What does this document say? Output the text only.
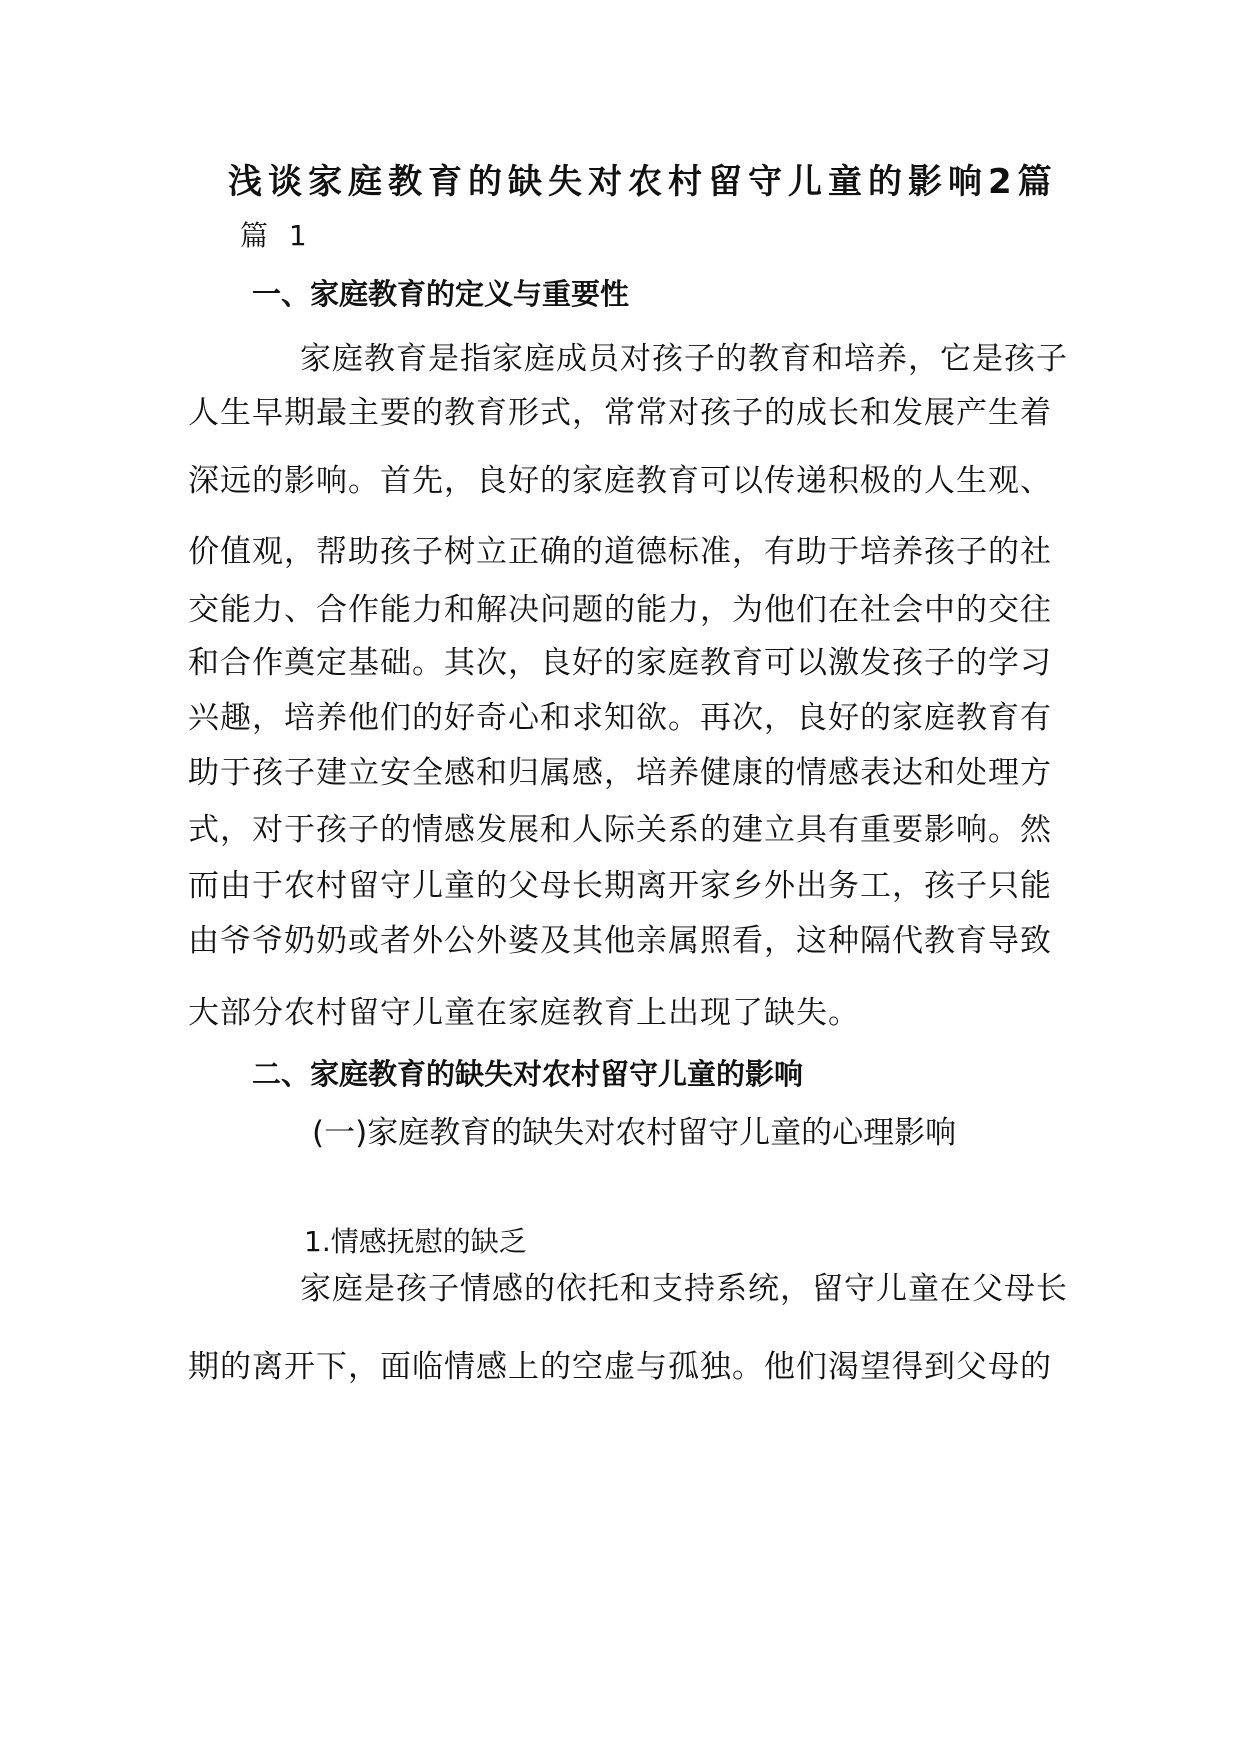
浅谈家庭教育的缺失对农村留守儿童的影响2篇
篇 1
一、家庭教育的定义与重要性
家庭教育是指家庭成员对孩子的教育和培养，它是孩子
人生早期最主要的教育形式，常常对孩子的成长和发展产生着
深远的影响。首先，良好的家庭教育可以传递积极的人生观、
价值观，帮助孩子树立正确的道德标准，有助于培养孩子的社
交能力、合作能力和解决问题的能力，为他们在社会中的交往
和合作奠定基础。其次，良好的家庭教育可以激发孩子的学习
兴趣，培养他们的好奇心和求知欲。再次，良好的家庭教育有
助于孩子建立安全感和归属感，培养健康的情感表达和处理方
式，对于孩子的情感发展和人际关系的建立具有重要影响。然
而由于农村留守儿童的父母长期离开家乡外出务工，孩子只能
由爷爷奶奶或者外公外婆及其他亲属照看，这种隔代教育导致
大部分农村留守儿童在家庭教育上出现了缺失。
二、家庭教育的缺失对农村留守儿童的影响
(一)家庭教育的缺失对农村留守儿童的心理影响
1.情感抚慰的缺乏
家庭是孩子情感的依托和支持系统，留守儿童在父母长
期的离开下，面临情感上的空虚与孤独。他们渴望得到父母的
